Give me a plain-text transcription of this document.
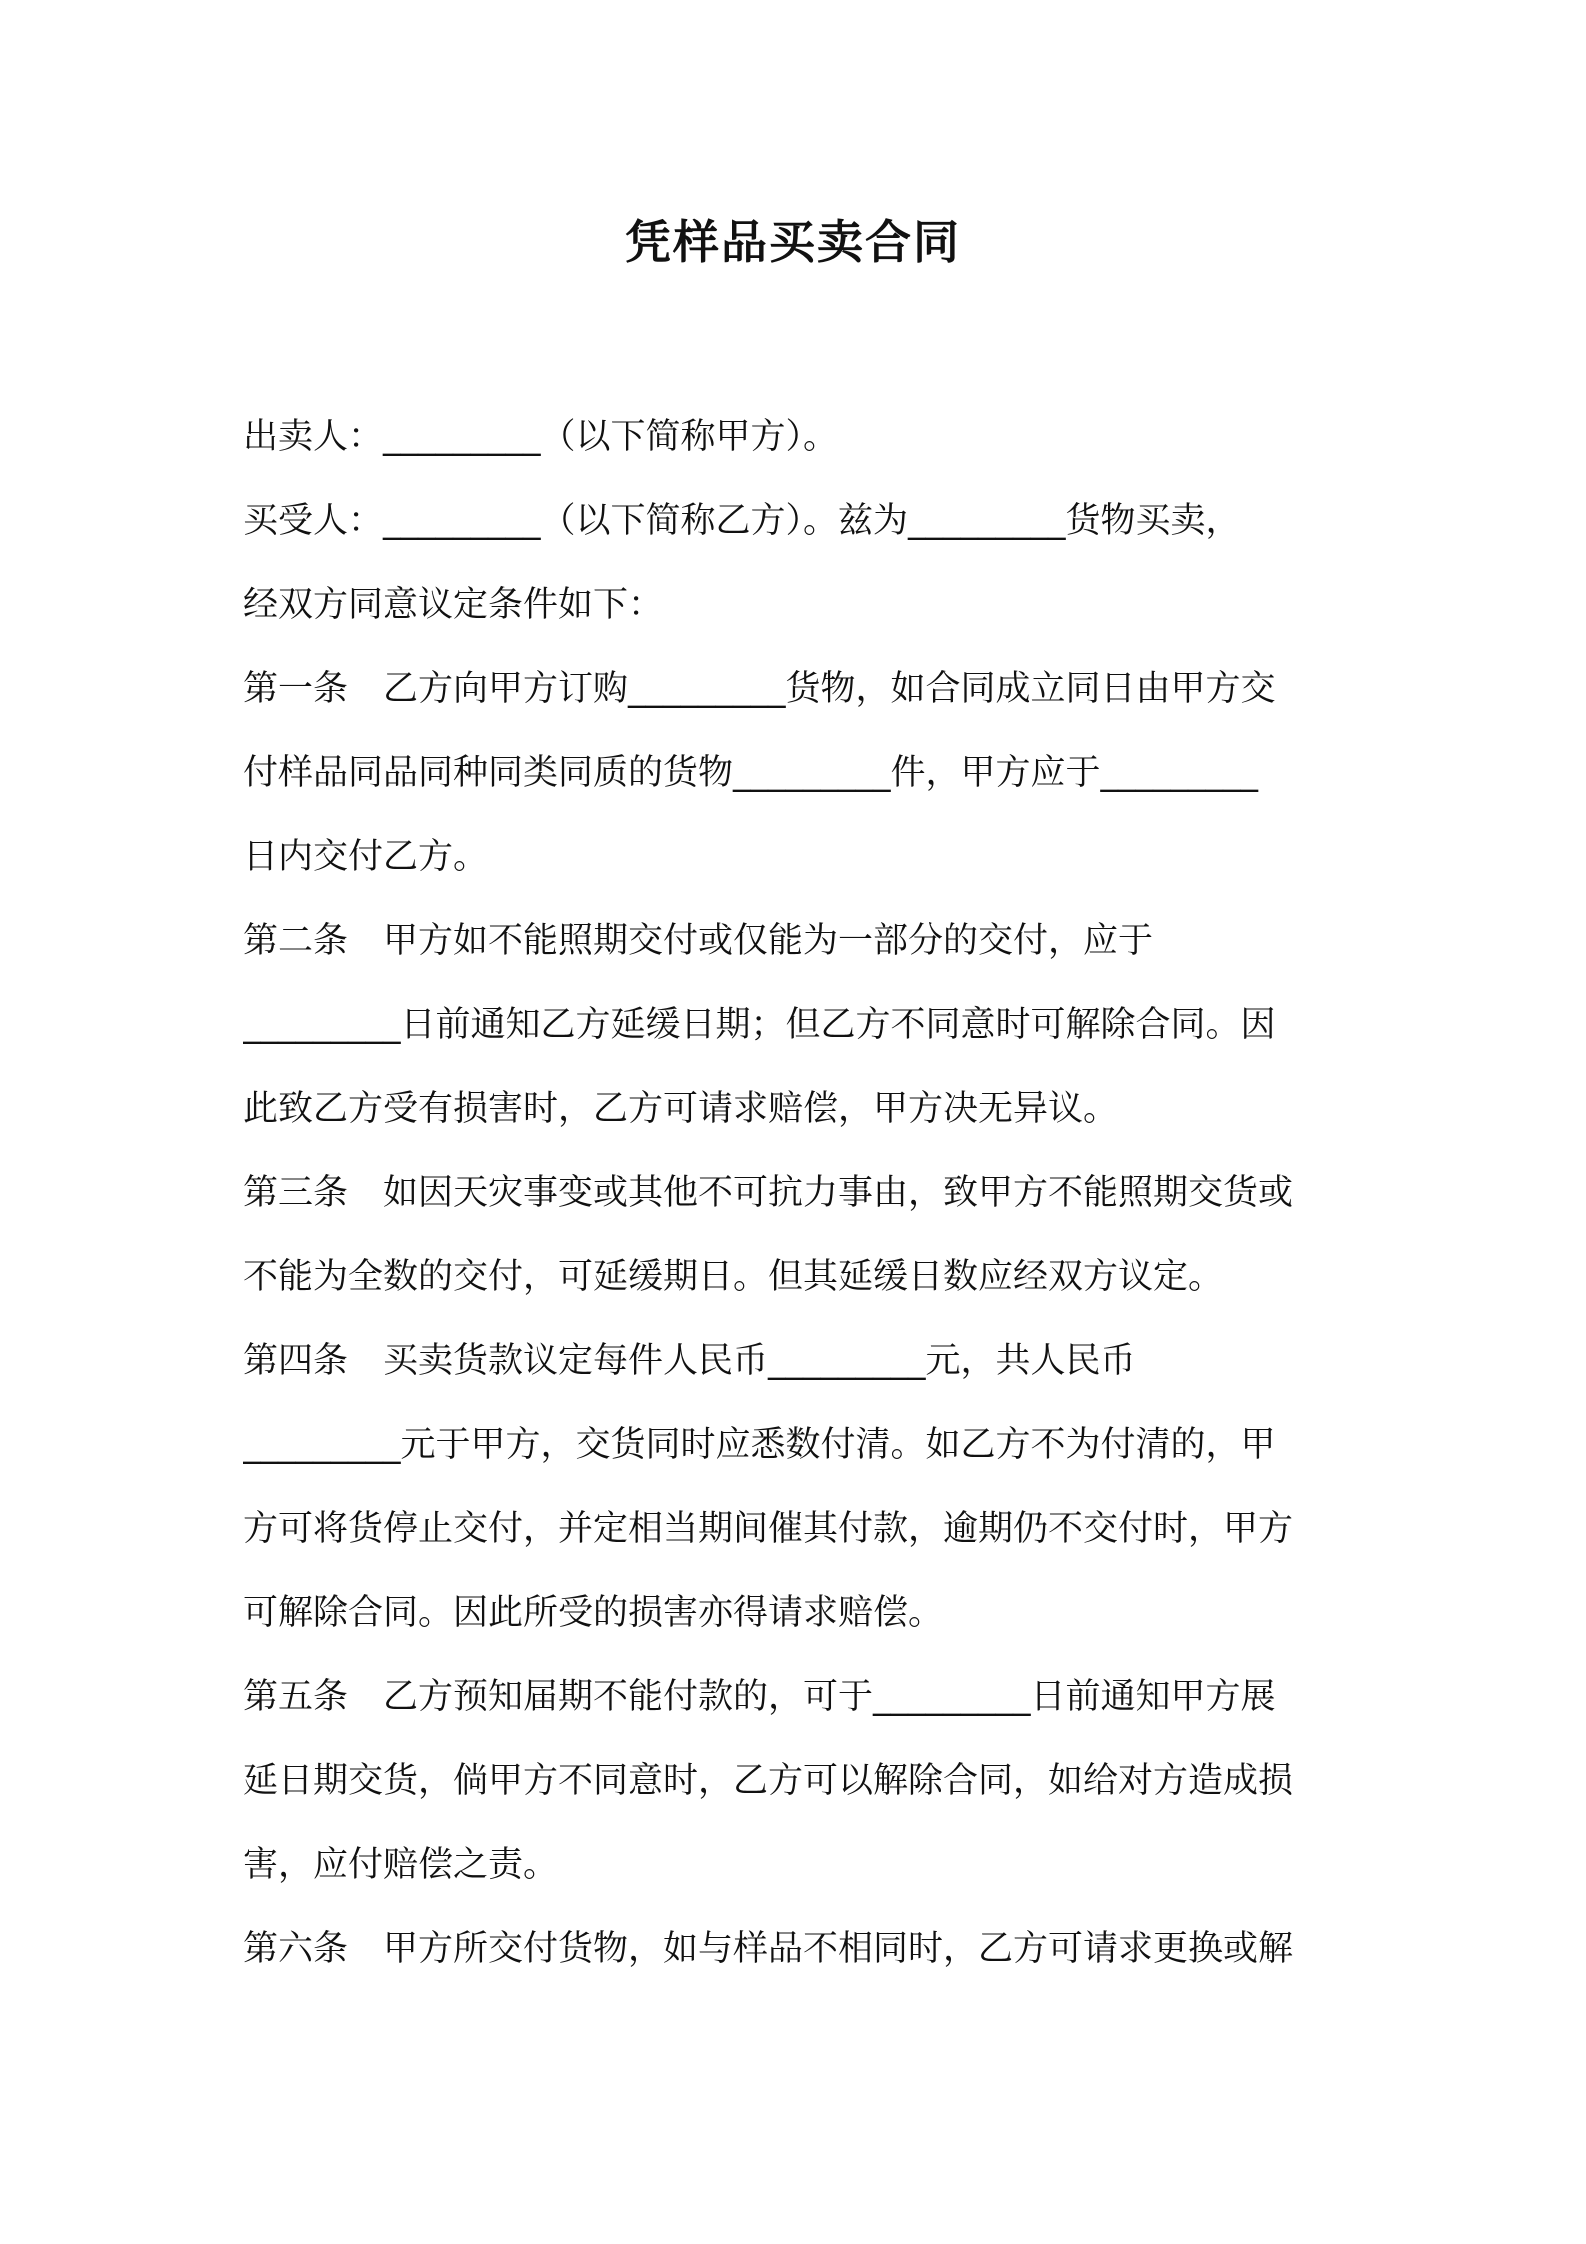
凭样品买卖合同
出卖人：_________（以下简称甲方）。
买受人：_________（以下简称乙方）。兹为_________货物买卖，
经双方同意议定条件如下：
第一条　乙方向甲方订购_________货物，如合同成立同日由甲方交
付样品同品同种同类同质的货物_________件，甲方应于_________
日内交付乙方。
第二条　甲方如不能照期交付或仅能为一部分的交付，应于
_________日前通知乙方延缓日期；但乙方不同意时可解除合同。因
此致乙方受有损害时，乙方可请求赔偿，甲方决无异议。
第三条　如因天灾事变或其他不可抗力事由，致甲方不能照期交货或
不能为全数的交付，可延缓期日。但其延缓日数应经双方议定。
第四条　买卖货款议定每件人民币_________元，共人民币
_________元于甲方，交货同时应悉数付清。如乙方不为付清的，甲
方可将货停止交付，并定相当期间催其付款，逾期仍不交付时，甲方
可解除合同。因此所受的损害亦得请求赔偿。
第五条　乙方预知届期不能付款的，可于_________日前通知甲方展
延日期交货，倘甲方不同意时，乙方可以解除合同，如给对方造成损
害，应付赔偿之责。
第六条　甲方所交付货物，如与样品不相同时，乙方可请求更换或解
